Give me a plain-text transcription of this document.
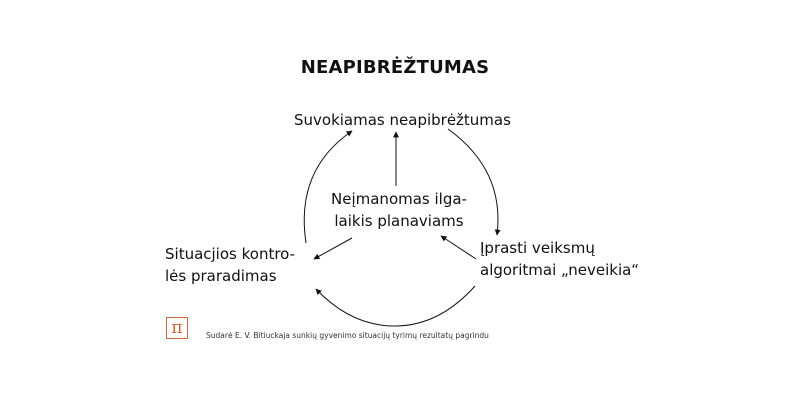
NEAPIBRĖŽTUMAS
Suvokiamas neapibrėžtumas
Neįmanomas ilga-
laikis planaviams
Įprasti veiksmų
algoritmai „neveikia“
Situacjios kontro-
lės praradimas
π	Sudarė E. V. Bitiuckaja sunkių gyvenimo situacijų tyrimų rezultatų pagrindu
